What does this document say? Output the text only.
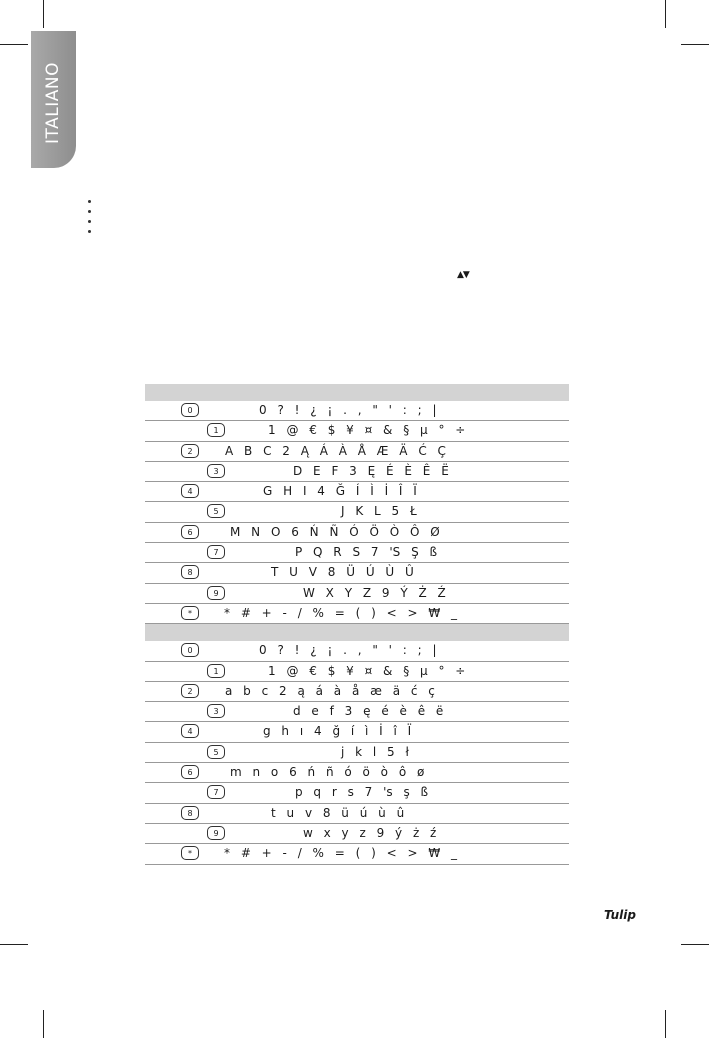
ITALIANO
▲▼
0	0 ? ! ¿ ¡ . , " ' : ; |
1	1 @ € $ ¥ ¤ & § µ ° ÷
2	A B C 2 Ą Á À Å Æ Ä Ć Ç
3	D E F 3 Ę É È Ê Ë
4	G H I 4 Ğ Í Ì İ Î Ï
5	J K L 5 Ł
6	M N O 6 Ń Ñ Ó Ö Ò Ô Ø
7	P Q R S 7 'S Ş ß
8	T U V 8 Ü Ú Ù Û
9	W X Y Z 9 Ý Ż Ź
*	* # + - / % = ( ) < > ₩ _
0	0 ? ! ¿ ¡ . , " ' : ; |
1	1 @ € $ ¥ ¤ & § µ ° ÷
2	a b c 2 ą á à å æ ä ć ç
3	d e f 3 ę é è ê ë
4	g h ı 4 ğ í ì İ î Ï
5	j k l 5 ł
6	m n o 6 ń ñ ó ö ò ô ø
7	p q r s 7 's ş ß
8	t u v 8 ü ú ù û
9	w x y z 9 ý ż ź
*	* # + - / % = ( ) < > ₩ _
Tulip
